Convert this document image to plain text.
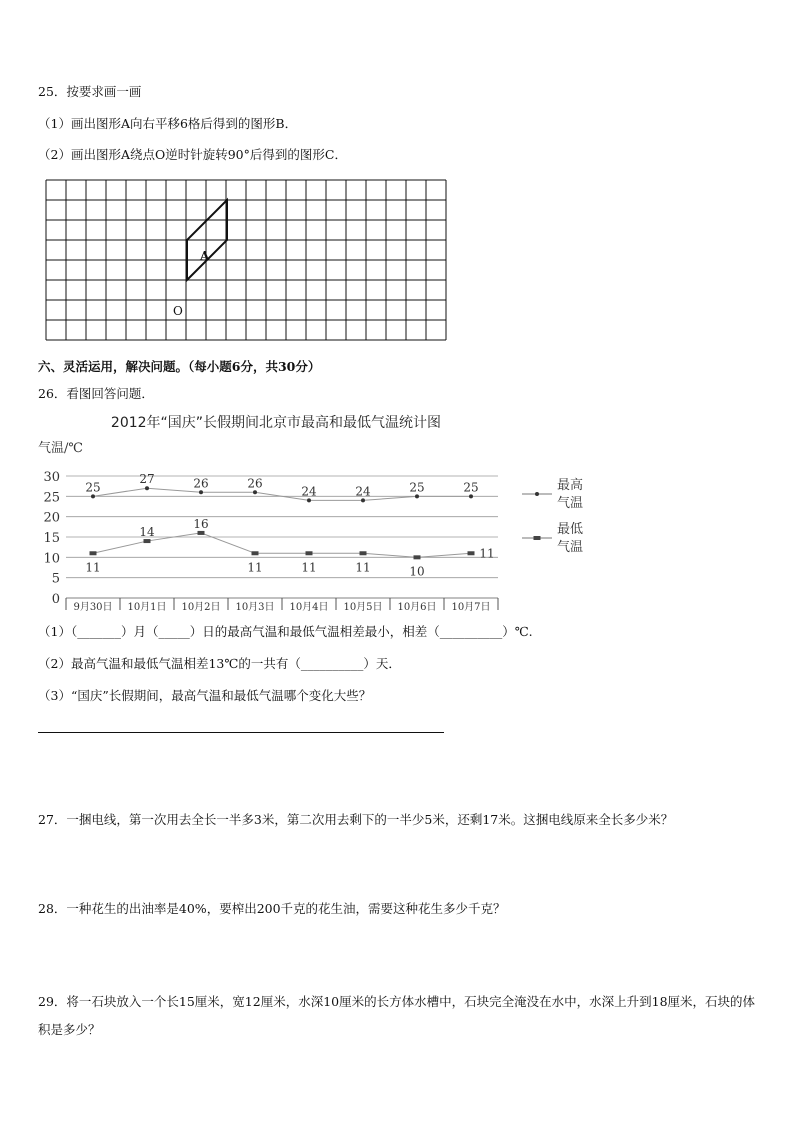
25．按要求画一画
（1）画出图形A向右平移6格后得到的图形B．
（2）画出图形A绕点O逆时针旋转90°后得到的图形C．
A
O
六、灵活运用，解决问题。（每小题6分，共30分）
26．看图回答问题．
2012年“国庆”长假期间北京市最高和最低气温统计图
气温/℃
0
5
10
15
20
25
30
9月30日 10月1日 10月2日 10月3日 10月4日 10月5日 10月6日 10月7日
25
27	26	26
24	24	25	25
11
14
16
11	11	11	10
11
最高
气温
最低
气温
（1）（_______）月（_____）日的最高气温和最低气温相差最小，相差（__________）℃.
（2）最高气温和最低气温相差13℃的一共有（__________）天．
（3）“国庆”长假期间，最高气温和最低气温哪个变化大些？
27．一捆电线，第一次用去全长一半多3米，第二次用去剩下的一半少5米，还剩17米。这捆电线原来全长多少米？
28．一种花生的出油率是40%，要榨出200千克的花生油，需要这种花生多少千克？
29．将一石块放入一个长15厘米，宽12厘米，水深10厘米的长方体水槽中，石块完全淹没在水中，水深上升到18厘米，石块的体积是多少？
